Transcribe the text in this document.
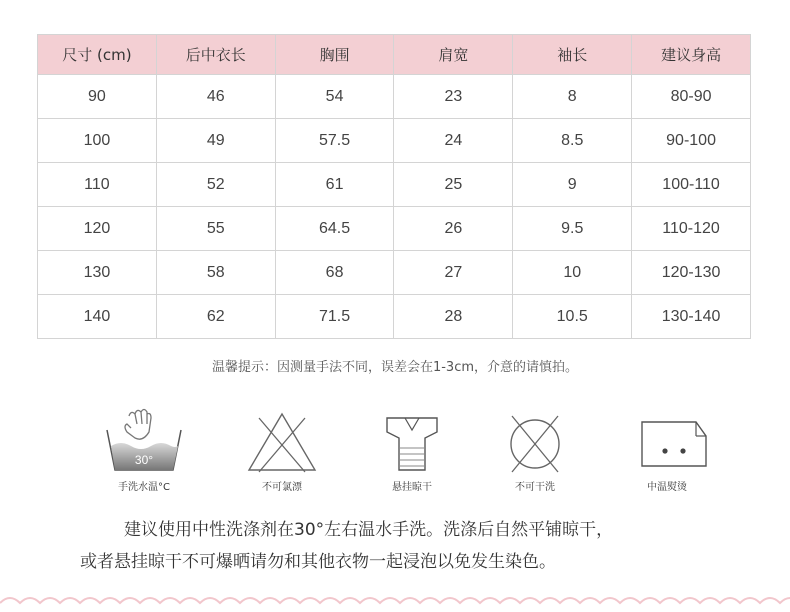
尺寸 (cm)	后中衣长	胸围	肩宽	袖长	建议身高
90	46	54	23	8	80-90
100	49	57.5	24	8.5	90-100
110	52	61	25	9	100-110
120	55	64.5	26	9.5	110-120
130	58	68	27	10	120-130
140	62	71.5	28	10.5	130-140
温馨提示：因测量手法不同，误差会在1-3cm，介意的请慎拍。
30°
手洗水温°C	不可氯漂	悬挂晾干	不可干洗	中温熨烫

建议使用中性洗涤剂在30°左右温水手洗。洗涤后自然平铺晾干，

或者悬挂晾干不可爆晒请勿和其他衣物一起浸泡以免发生染色。
